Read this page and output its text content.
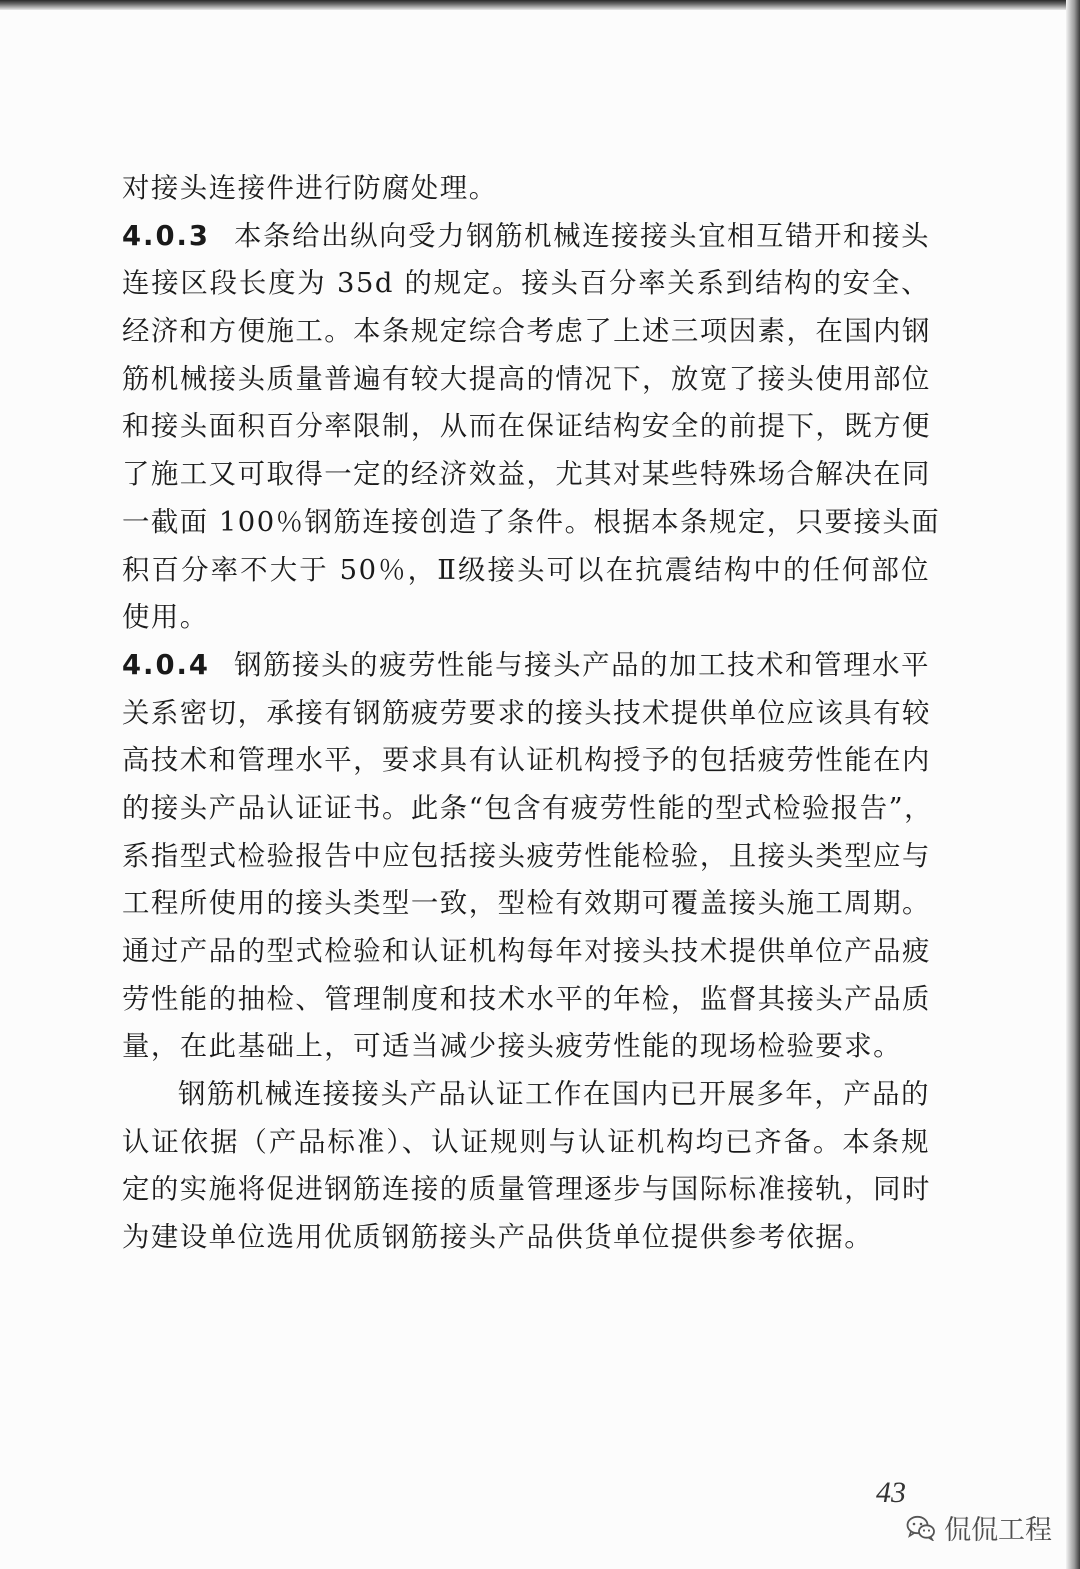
对接头连接件进行防腐处理。
4.0.3 本条给出纵向受力钢筋机械连接接头宜相互错开和接头
连接区段长度为 35d 的规定。接头百分率关系到结构的安全、
经济和方便施工。本条规定综合考虑了上述三项因素，在国内钢
筋机械接头质量普遍有较大提高的情况下，放宽了接头使用部位
和接头面积百分率限制，从而在保证结构安全的前提下，既方便
了施工又可取得一定的经济效益，尤其对某些特殊场合解决在同
一截面 100％钢筋连接创造了条件。根据本条规定，只要接头面
积百分率不大于 50％，Ⅱ级接头可以在抗震结构中的任何部位
使用。
4.0.4 钢筋接头的疲劳性能与接头产品的加工技术和管理水平
关系密切，承接有钢筋疲劳要求的接头技术提供单位应该具有较
高技术和管理水平，要求具有认证机构授予的包括疲劳性能在内
的接头产品认证证书。此条“包含有疲劳性能的型式检验报告”，
系指型式检验报告中应包括接头疲劳性能检验，且接头类型应与
工程所使用的接头类型一致，型检有效期可覆盖接头施工周期。
通过产品的型式检验和认证机构每年对接头技术提供单位产品疲
劳性能的抽检、管理制度和技术水平的年检，监督其接头产品质
量，在此基础上，可适当减少接头疲劳性能的现场检验要求。
钢筋机械连接接头产品认证工作在国内已开展多年，产品的
认证依据（产品标准）、认证规则与认证机构均已齐备。本条规
定的实施将促进钢筋连接的质量管理逐步与国际标准接轨，同时
为建设单位选用优质钢筋接头产品供货单位提供参考依据。
43
侃侃工程
